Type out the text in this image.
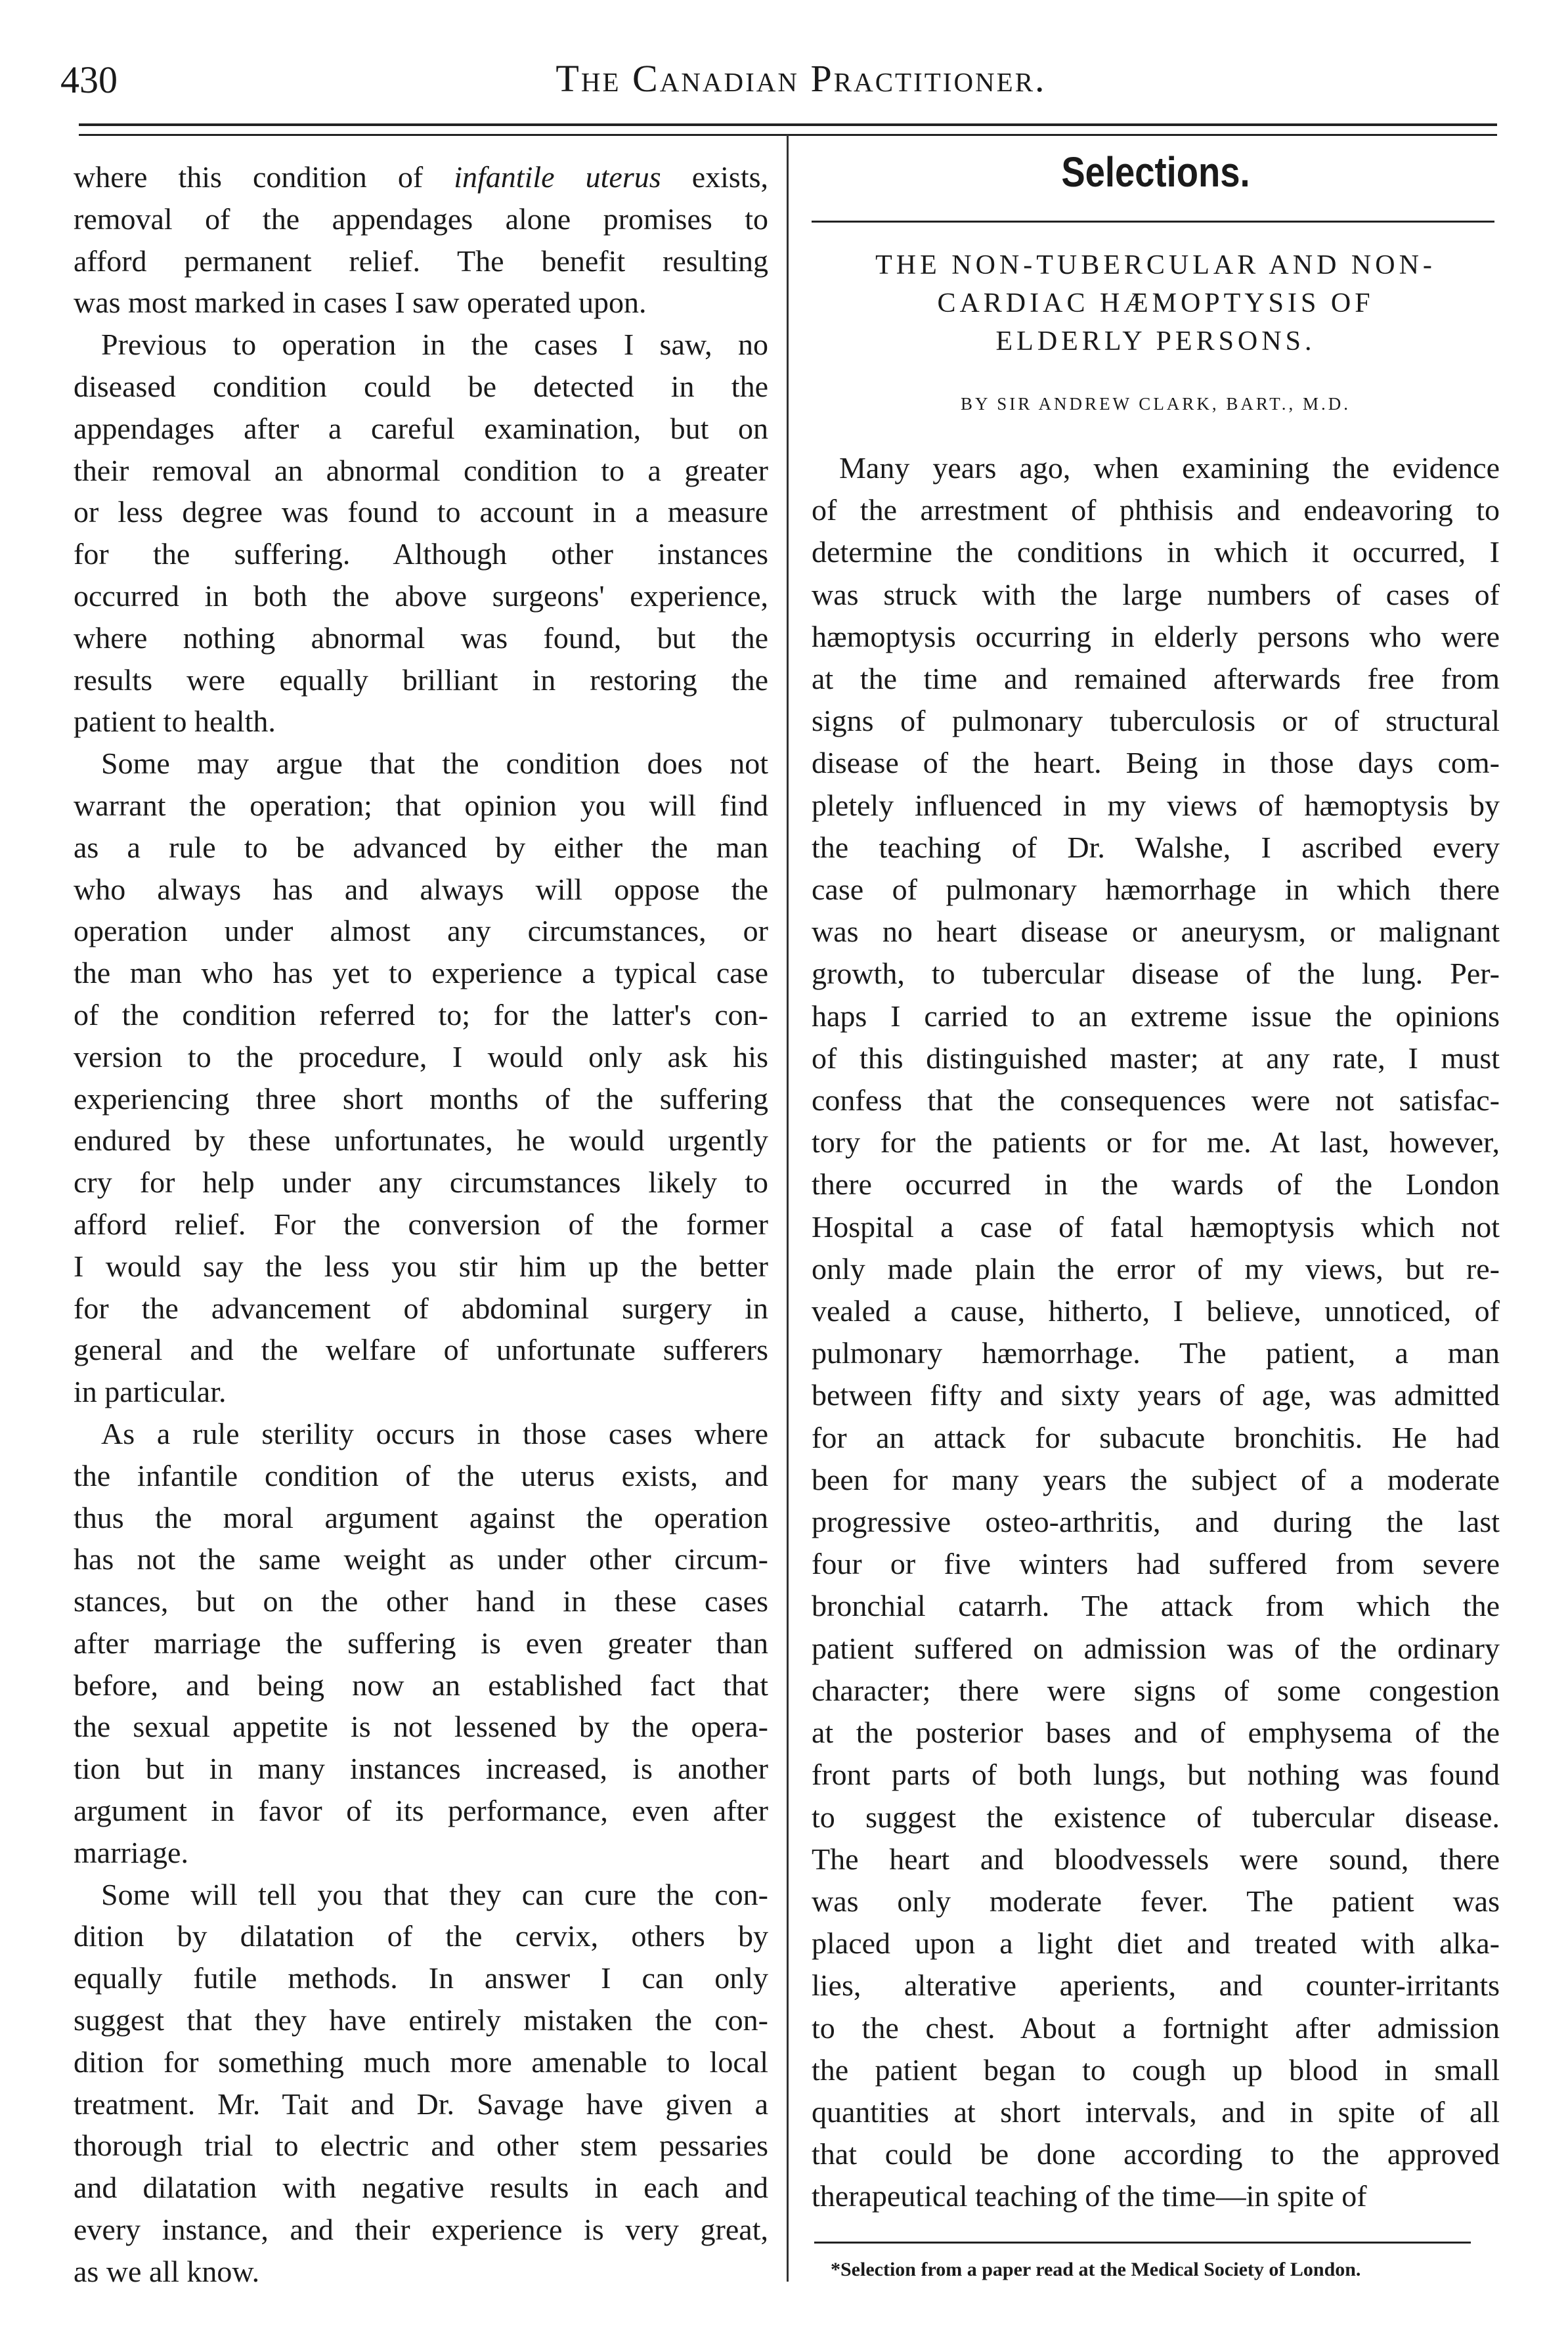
430	The Canadian Practitioner.
where this condition of infantile uterus exists,
removal of the appendages alone promises to
afford permanent relief. The benefit resulting
was most marked in cases I saw operated upon.
Previous to operation in the cases I saw, no
diseased condition could be detected in the
appendages after a careful examination, but on
their removal an abnormal condition to a greater
or less degree was found to account in a measure
for the suffering. Although other instances
occurred in both the above surgeons' experience,
where nothing abnormal was found, but the
results were equally brilliant in restoring the
patient to health.
Some may argue that the condition does not
warrant the operation; that opinion you will find
as a rule to be advanced by either the man
who always has and always will oppose the
operation under almost any circumstances, or
the man who has yet to experience a typical case
of the condition referred to; for the latter's con-
version to the procedure, I would only ask his
experiencing three short months of the suffering
endured by these unfortunates, he would urgently
cry for help under any circumstances likely to
afford relief. For the conversion of the former
I would say the less you stir him up the better
for the advancement of abdominal surgery in
general and the welfare of unfortunate sufferers
in particular.
As a rule sterility occurs in those cases where
the infantile condition of the uterus exists, and
thus the moral argument against the operation
has not the same weight as under other circum-
stances, but on the other hand in these cases
after marriage the suffering is even greater than
before, and being now an established fact that
the sexual appetite is not lessened by the opera-
tion but in many instances increased, is another
argument in favor of its performance, even after
marriage.
Some will tell you that they can cure the con-
dition by dilatation of the cervix, others by
equally futile methods. In answer I can only
suggest that they have entirely mistaken the con-
dition for something much more amenable to local
treatment. Mr. Tait and Dr. Savage have given a
thorough trial to electric and other stem pessaries
and dilatation with negative results in each and
every instance, and their experience is very great,
as we all know.
Selections.
THE NON-TUBERCULAR AND NON-
CARDIAC HÆMOPTYSIS OF
ELDERLY PERSONS.
BY SIR ANDREW CLARK, BART., M.D.
Many years ago, when examining the evidence
of the arrestment of phthisis and endeavoring to
determine the conditions in which it occurred, I
was struck with the large numbers of cases of
hæmoptysis occurring in elderly persons who were
at the time and remained afterwards free from
signs of pulmonary tuberculosis or of structural
disease of the heart. Being in those days com-
pletely influenced in my views of hæmoptysis by
the teaching of Dr. Walshe, I ascribed every
case of pulmonary hæmorrhage in which there
was no heart disease or aneurysm, or malignant
growth, to tubercular disease of the lung. Per-
haps I carried to an extreme issue the opinions
of this distinguished master; at any rate, I must
confess that the consequences were not satisfac-
tory for the patients or for me. At last, however,
there occurred in the wards of the London
Hospital a case of fatal hæmoptysis which not
only made plain the error of my views, but re-
vealed a cause, hitherto, I believe, unnoticed, of
pulmonary hæmorrhage. The patient, a man
between fifty and sixty years of age, was admitted
for an attack for subacute bronchitis. He had
been for many years the subject of a moderate
progressive osteo-arthritis, and during the last
four or five winters had suffered from severe
bronchial catarrh. The attack from which the
patient suffered on admission was of the ordinary
character; there were signs of some congestion
at the posterior bases and of emphysema of the
front parts of both lungs, but nothing was found
to suggest the existence of tubercular disease.
The heart and bloodvessels were sound, there
was only moderate fever. The patient was
placed upon a light diet and treated with alka-
lies, alterative aperients, and counter-irritants
to the chest. About a fortnight after admission
the patient began to cough up blood in small
quantities at short intervals, and in spite of all
that could be done according to the approved
therapeutical teaching of the time—in spite of
*Selection from a paper read at the Medical Society of London.
